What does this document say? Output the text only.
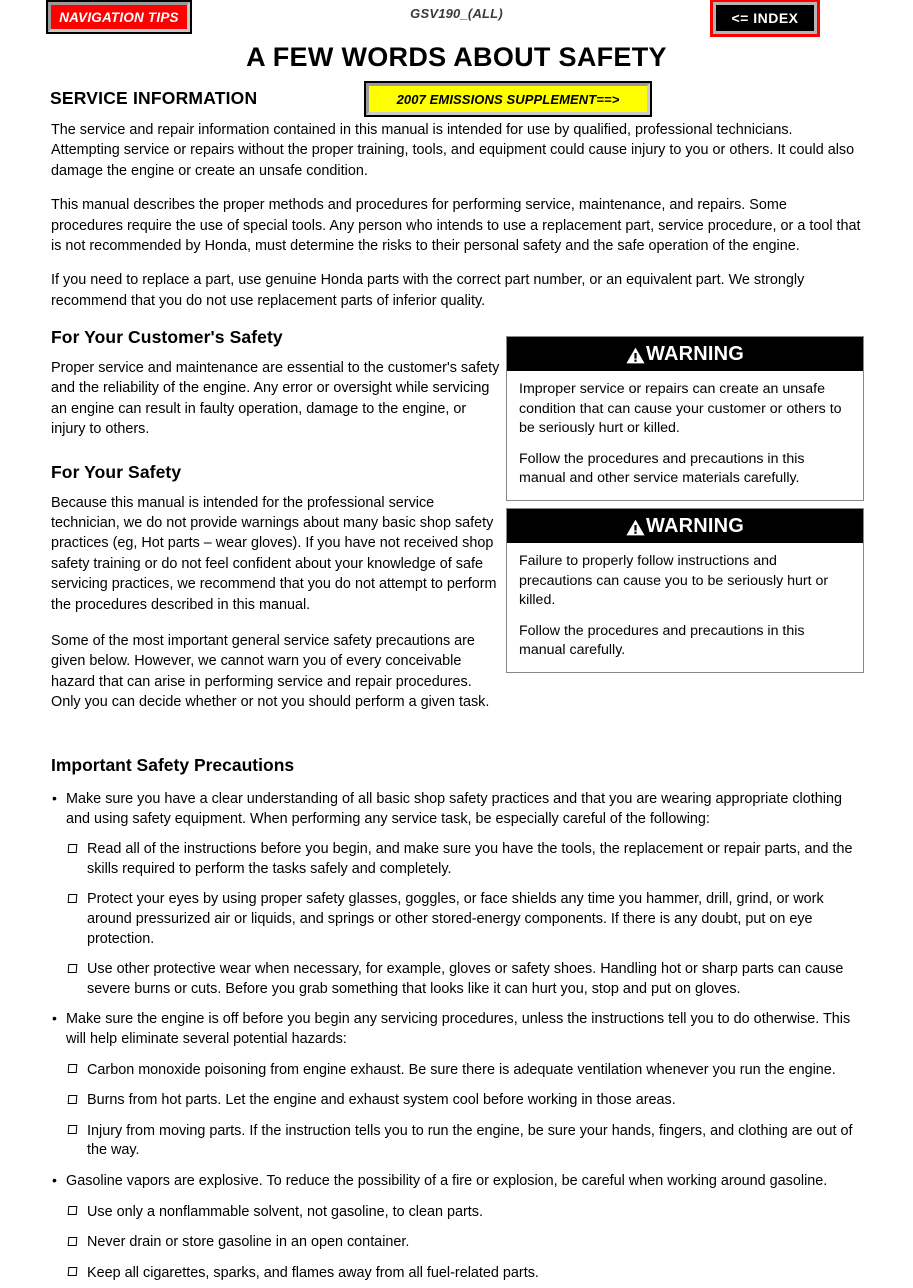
NAVIGATION TIPS	GSV190_(ALL)	<= INDEX
A FEW WORDS ABOUT SAFETY
SERVICE INFORMATION	2007 EMISSIONS SUPPLEMENT==>

The service and repair information contained in this manual is intended for use by qualified, professional technicians. Attempting service or repairs without the proper training, tools, and equipment could cause injury to you or others. It could also damage the engine or create an unsafe condition.

This manual describes the proper methods and procedures for performing service, maintenance, and repairs. Some procedures require the use of special tools. Any person who intends to use a replacement part, service procedure, or a tool that is not recommended by Honda, must determine the risks to their personal safety and the safe operation of the engine.

If you need to replace a part, use genuine Honda parts with the correct part number, or an equivalent part. We strongly recommend that you do not use replacement parts of inferior quality.

For Your Customer's Safety

Proper service and maintenance are essential to the customer's safety and the reliability of the engine. Any error or oversight while servicing an engine can result in faulty operation, damage to the engine, or injury to others.

For Your Safety

Because this manual is intended for the professional service technician, we do not provide warnings about many basic shop safety practices (eg, Hot parts – wear gloves). If you have not received shop safety training or do not feel confident about your knowledge of safe servicing practices, we recommend that you do not attempt to perform the procedures described in this manual.

Some of the most important general service safety precautions are given below. However, we cannot warn you of every conceivable hazard that can arise in performing service and repair procedures. Only you can decide whether or not you should perform a given task.

WARNING

Improper service or repairs can create an unsafe condition that can cause your customer or others to be seriously hurt or killed.

Follow the procedures and precautions in this manual and other service materials carefully.

WARNING

Failure to properly follow instructions and precautions can cause you to be seriously hurt or killed.

Follow the procedures and precautions in this manual carefully.

Important Safety Precautions
• Make sure you have a clear understanding of all basic shop safety practices and that you are wearing appropriate clothing and using safety equipment. When performing any service task, be especially careful of the following:
Read all of the instructions before you begin, and make sure you have the tools, the replacement or repair parts, and the skills required to perform the tasks safely and completely.
Protect your eyes by using proper safety glasses, goggles, or face shields any time you hammer, drill, grind, or work around pressurized air or liquids, and springs or other stored-energy components. If there is any doubt, put on eye protection.
Use other protective wear when necessary, for example, gloves or safety shoes. Handling hot or sharp parts can cause severe burns or cuts. Before you grab something that looks like it can hurt you, stop and put on gloves.
• Make sure the engine is off before you begin any servicing procedures, unless the instructions tell you to do otherwise. This will help eliminate several potential hazards:
Carbon monoxide poisoning from engine exhaust. Be sure there is adequate ventilation whenever you run the engine.
Burns from hot parts. Let the engine and exhaust system cool before working in those areas.
Injury from moving parts. If the instruction tells you to run the engine, be sure your hands, fingers, and clothing are out of the way.
• Gasoline vapors are explosive. To reduce the possibility of a fire or explosion, be careful when working around gasoline.
Use only a nonflammable solvent, not gasoline, to clean parts.
Never drain or store gasoline in an open container.
Keep all cigarettes, sparks, and flames away from all fuel-related parts.
